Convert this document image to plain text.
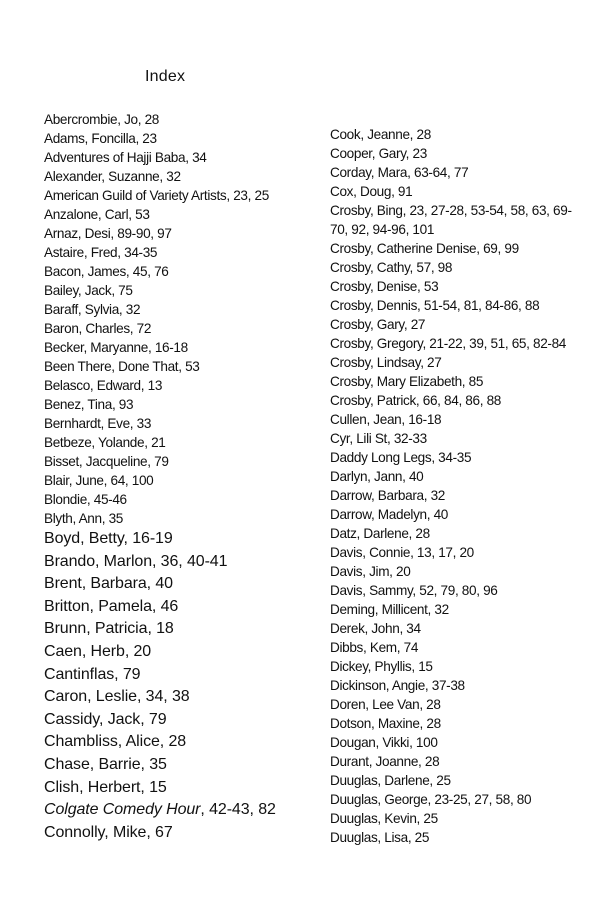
Index
Abercrombie, Jo, 28
Adams, Foncilla, 23
Adventures of Hajji Baba, 34
Alexander, Suzanne, 32
American Guild of Variety Artists, 23, 25
Anzalone, Carl, 53
Arnaz, Desi, 89-90, 97
Astaire, Fred, 34-35
Bacon, James, 45, 76
Bailey, Jack, 75
Baraff, Sylvia, 32
Baron, Charles, 72
Becker, Maryanne, 16-18
Been There, Done That, 53
Belasco, Edward, 13
Benez, Tina, 93
Bernhardt, Eve, 33
Betbeze, Yolande, 21
Bisset, Jacqueline, 79
Blair, June, 64, 100
Blondie, 45-46
Blyth, Ann, 35
Boyd, Betty, 16-19
Brando, Marlon, 36, 40-41
Brent, Barbara, 40
Britton, Pamela, 46
Brunn, Patricia, 18
Caen, Herb, 20
Cantinflas, 79
Caron, Leslie, 34, 38
Cassidy, Jack, 79
Chambliss, Alice, 28
Chase, Barrie, 35
Clish, Herbert, 15
Colgate Comedy Hour, 42-43, 82
Connolly, Mike, 67
Cook, Jeanne, 28
Cooper, Gary, 23
Corday, Mara, 63-64, 77
Cox, Doug, 91
Crosby, Bing, 23, 27-28, 53-54, 58, 63, 69-
70, 92, 94-96, 101
Crosby, Catherine Denise, 69, 99
Crosby, Cathy, 57, 98
Crosby, Denise, 53
Crosby, Dennis, 51-54, 81, 84-86, 88
Crosby, Gary, 27
Crosby, Gregory, 21-22, 39, 51, 65, 82-84
Crosby, Lindsay, 27
Crosby, Mary Elizabeth, 85
Crosby, Patrick, 66, 84, 86, 88
Cullen, Jean, 16-18
Cyr, Lili St, 32-33
Daddy Long Legs, 34-35
Darlyn, Jann, 40
Darrow, Barbara, 32
Darrow, Madelyn, 40
Datz, Darlene, 28
Davis, Connie, 13, 17, 20
Davis, Jim, 20
Davis, Sammy, 52, 79, 80, 96
Deming, Millicent, 32
Derek, John, 34
Dibbs, Kem, 74
Dickey, Phyllis, 15
Dickinson, Angie, 37-38
Doren, Lee Van, 28
Dotson, Maxine, 28
Dougan, Vikki, 100
Durant, Joanne, 28
Duuglas, Darlene, 25
Duuglas, George, 23-25, 27, 58, 80
Duuglas, Kevin, 25
Duuglas, Lisa, 25
